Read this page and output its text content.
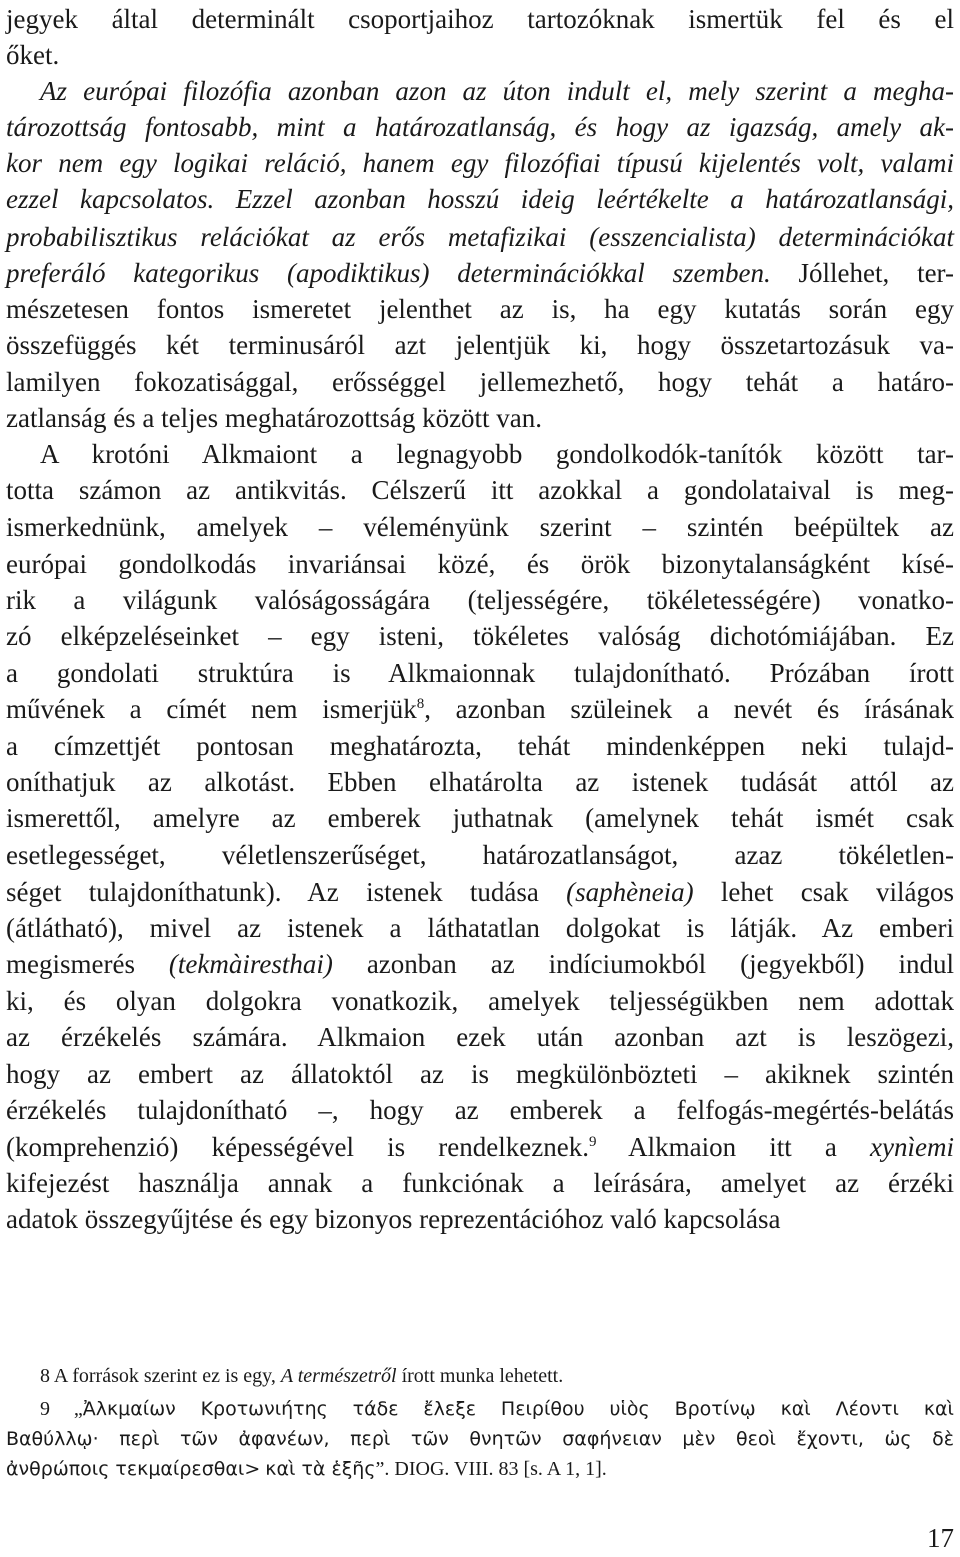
jegyek által determinált csoportjaihoz tartozóknak ismertük fel és el
őket.
Az európai filozófia azonban azon az úton indult el, mely szerint a megha-
tározottság fontosabb, mint a határozatlanság, és hogy az igazság, amely ak-
kor nem egy logikai reláció, hanem egy filozófiai típusú kijelentés volt, valami
ezzel kapcsolatos. Ezzel azonban hosszú ideig leértékelte a határozatlansági,
probabilisztikus relációkat az erős metafizikai (esszencialista) determinációkat
preferáló kategorikus (apodiktikus) determinációkkal szemben. Jóllehet, ter-
mészetesen fontos ismeretet jelenthet az is, ha egy kutatás során egy
összefüggés két terminusáról azt jelentjük ki, hogy összetartozásuk va-
lamilyen fokozatisággal, erősséggel jellemezhető, hogy tehát a határo-
zatlanság és a teljes meghatározottság között van.
A krotóni Alkmaiont a legnagyobb gondolkodók-tanítók között tar-
totta számon az antikvitás. Célszerű itt azokkal a gondolataival is meg-
ismerkednünk, amelyek – véleményünk szerint – szintén beépültek az
európai gondolkodás invariánsai közé, és örök bizonytalanságként kísé-
rik a világunk valóságosságára (teljességére, tökéletességére) vonatko-
zó elképzeléseinket – egy isteni, tökéletes valóság dichotómiájában. Ez
a gondolati struktúra is Alkmaionnak tulajdonítható. Prózában írott
művének a címét nem ismerjük$^8$, azonban szüleinek a nevét és írásának
a címzettjét pontosan meghatározta, tehát mindenképpen neki tulajd-
oníthatjuk az alkotást. Ebben elhatárolta az istenek tudását attól az
ismerettől, amelyre az emberek juthatnak (amelynek tehát ismét csak
esetlegességet, véletlenszerűséget, határozatlanságot, azaz tökéletlen-
séget tulajdoníthatunk). Az istenek tudása (saphèneia) lehet csak világos
(átlátható), mivel az istenek a láthatatlan dolgokat is látják. Az emberi
megismerés (tekmàiresthai) azonban az indíciumokból (jegyekből) indul
ki, és olyan dolgokra vonatkozik, amelyek teljességükben nem adottak
az érzékelés számára. Alkmaion ezek után azonban azt is leszögezi,
hogy az embert az állatoktól az is megkülönbözteti – akiknek szintén
érzékelés tulajdonítható –, hogy az emberek a felfogás-megértés-belátás
(komprehenzió) képességével is rendelkeznek.$^9$ Alkmaion itt a xynìemi
kifejezést használja annak a funkciónak a leírására, amelyet az érzéki
adatok összegyűjtése és egy bizonyos reprezentációhoz való kapcsolása
8 A források szerint ez is egy, A természetről írott munka lehetett.
9 „Ἀλκμαίων Κροτωνιήτης τάδε ἔλεξε Πειρίθου υἱὸς Βροτίνῳ καὶ Λέοντι καὶ
Βαθύλλῳ· περὶ τῶν ἀφανέων, περὶ τῶν θνητῶν σαφήνειαν μὲν θεοὶ ἔχοντι, ὡς δὲ
ἀνθρώποις τεκμαίρεσθαι> καὶ τὰ ἑξῆς”. DIOG. VIII. 83 [s. A 1, 1].
17
